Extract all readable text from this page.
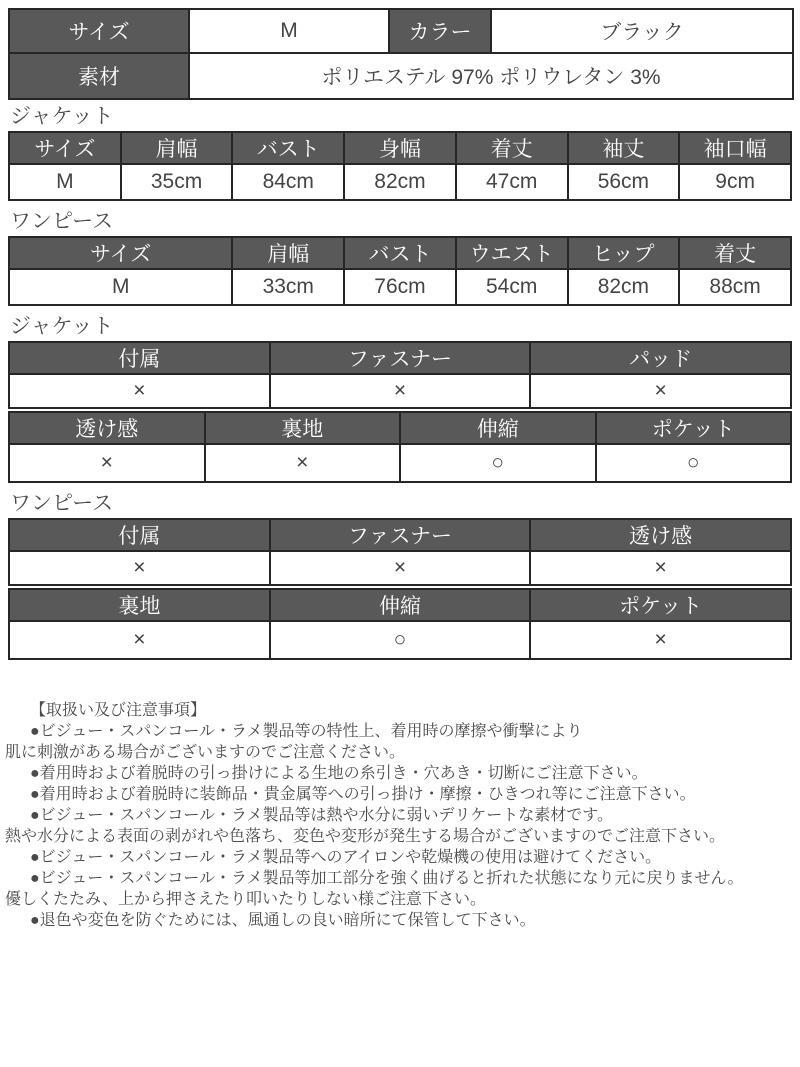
サイズ	M	カラー	ブラック
素材	ポリエステル 97% ポリウレタン 3%		
ジャケット
サイズ	肩幅	バスト	身幅	着丈	袖丈	袖口幅
M	35cm	84cm	82cm	47cm	56cm	9cm
ワンピース
サイズ	肩幅	バスト	ウエスト	ヒップ	着丈
M	33cm	76cm	54cm	82cm	88cm
ジャケット
付属	ファスナー	パッド
×	×	×
透け感	裏地	伸縮	ポケット
×	×	○	○
ワンピース
付属	ファスナー	透け感
×	×	×
裏地	伸縮	ポケット
×	○	×
【取扱い及び注意事項】
●ビジュー・スパンコール・ラメ製品等の特性上、着用時の摩擦や衝撃により
肌に刺激がある場合がございますのでご注意ください。
●着用時および着脱時の引っ掛けによる生地の糸引き・穴あき・切断にご注意下さい。
●着用時および着脱時に装飾品・貴金属等への引っ掛け・摩擦・ひきつれ等にご注意下さい。
●ビジュー・スパンコール・ラメ製品等は熱や水分に弱いデリケートな素材です。
熱や水分による表面の剥がれや色落ち、変色や変形が発生する場合がございますのでご注意下さい。
●ビジュー・スパンコール・ラメ製品等へのアイロンや乾燥機の使用は避けてください。
●ビジュー・スパンコール・ラメ製品等加工部分を強く曲げると折れた状態になり元に戻りません。
優しくたたみ、上から押さえたり叩いたりしない様ご注意下さい。
●退色や変色を防ぐためには、風通しの良い暗所にて保管して下さい。
